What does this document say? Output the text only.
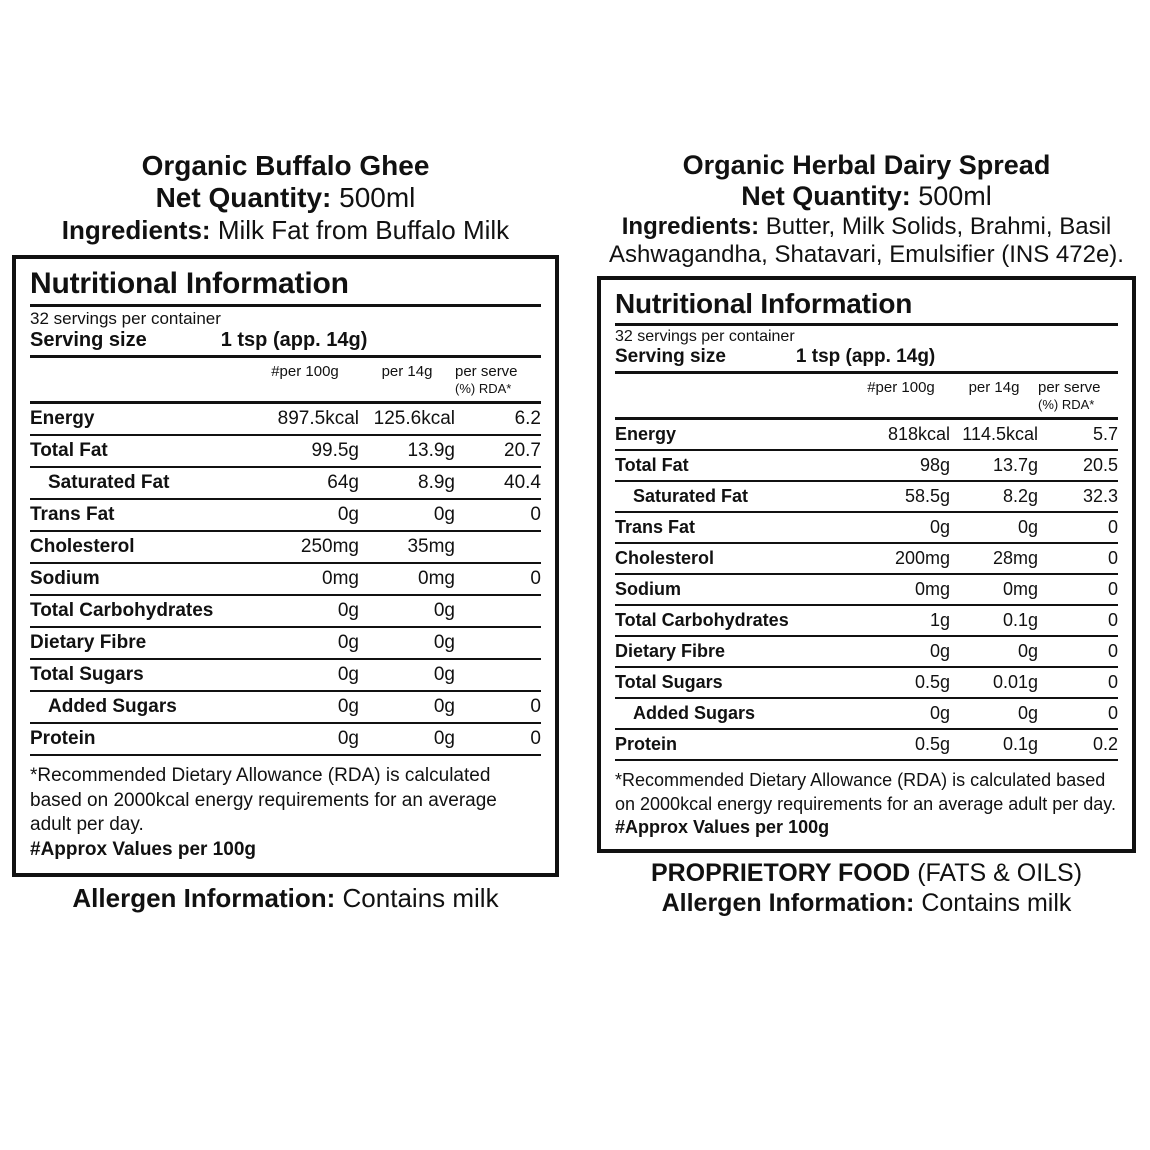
Organic Buffalo Ghee
Net Quantity: 500ml
Ingredients: Milk Fat from Buffalo Milk
Nutritional Information
32 servings per container
Serving size	1 tsp (app. 14g)
#per 100g	per 14g	per serve
(%) RDA*
Energy	897.5kcal 125.6kcal	6.2
Total Fat	99.5g	13.9g	20.7
Saturated Fat	64g	8.9g	40.4
Trans Fat	0g	0g	0
Cholesterol	250mg	35mg
Sodium	0mg	0mg	0
Total Carbohydrates	0g	0g
Dietary Fibre	0g	0g
Total Sugars	0g	0g
Added Sugars	0g	0g	0
Protein	0g	0g	0
*Recommended Dietary Allowance (RDA) is calculated based on 2000kcal energy requirements for an average adult per day.
#Approx Values per 100g
Allergen Information: Contains milk
Organic Herbal Dairy Spread
Net Quantity: 500ml
Ingredients: Butter, Milk Solids, Brahmi, Basil Ashwagandha, Shatavari, Emulsifier (INS 472e).
Nutritional Information
32 servings per container
Serving size	1 tsp (app. 14g)
#per 100g	per 14g	per serve
(%) RDA*
Energy	818kcal 114.5kcal	5.7
Total Fat	98g	13.7g	20.5
Saturated Fat	58.5g	8.2g	32.3
Trans Fat	0g	0g	0
Cholesterol	200mg	28mg	0
Sodium	0mg	0mg	0
Total Carbohydrates	1g	0.1g	0
Dietary Fibre	0g	0g	0
Total Sugars	0.5g	0.01g	0
Added Sugars	0g	0g	0
Protein	0.5g	0.1g	0.2
*Recommended Dietary Allowance (RDA) is calculated based on 2000kcal energy requirements for an average adult per day.
#Approx Values per 100g
PROPRIETORY FOOD (FATS & OILS)
Allergen Information: Contains milk
